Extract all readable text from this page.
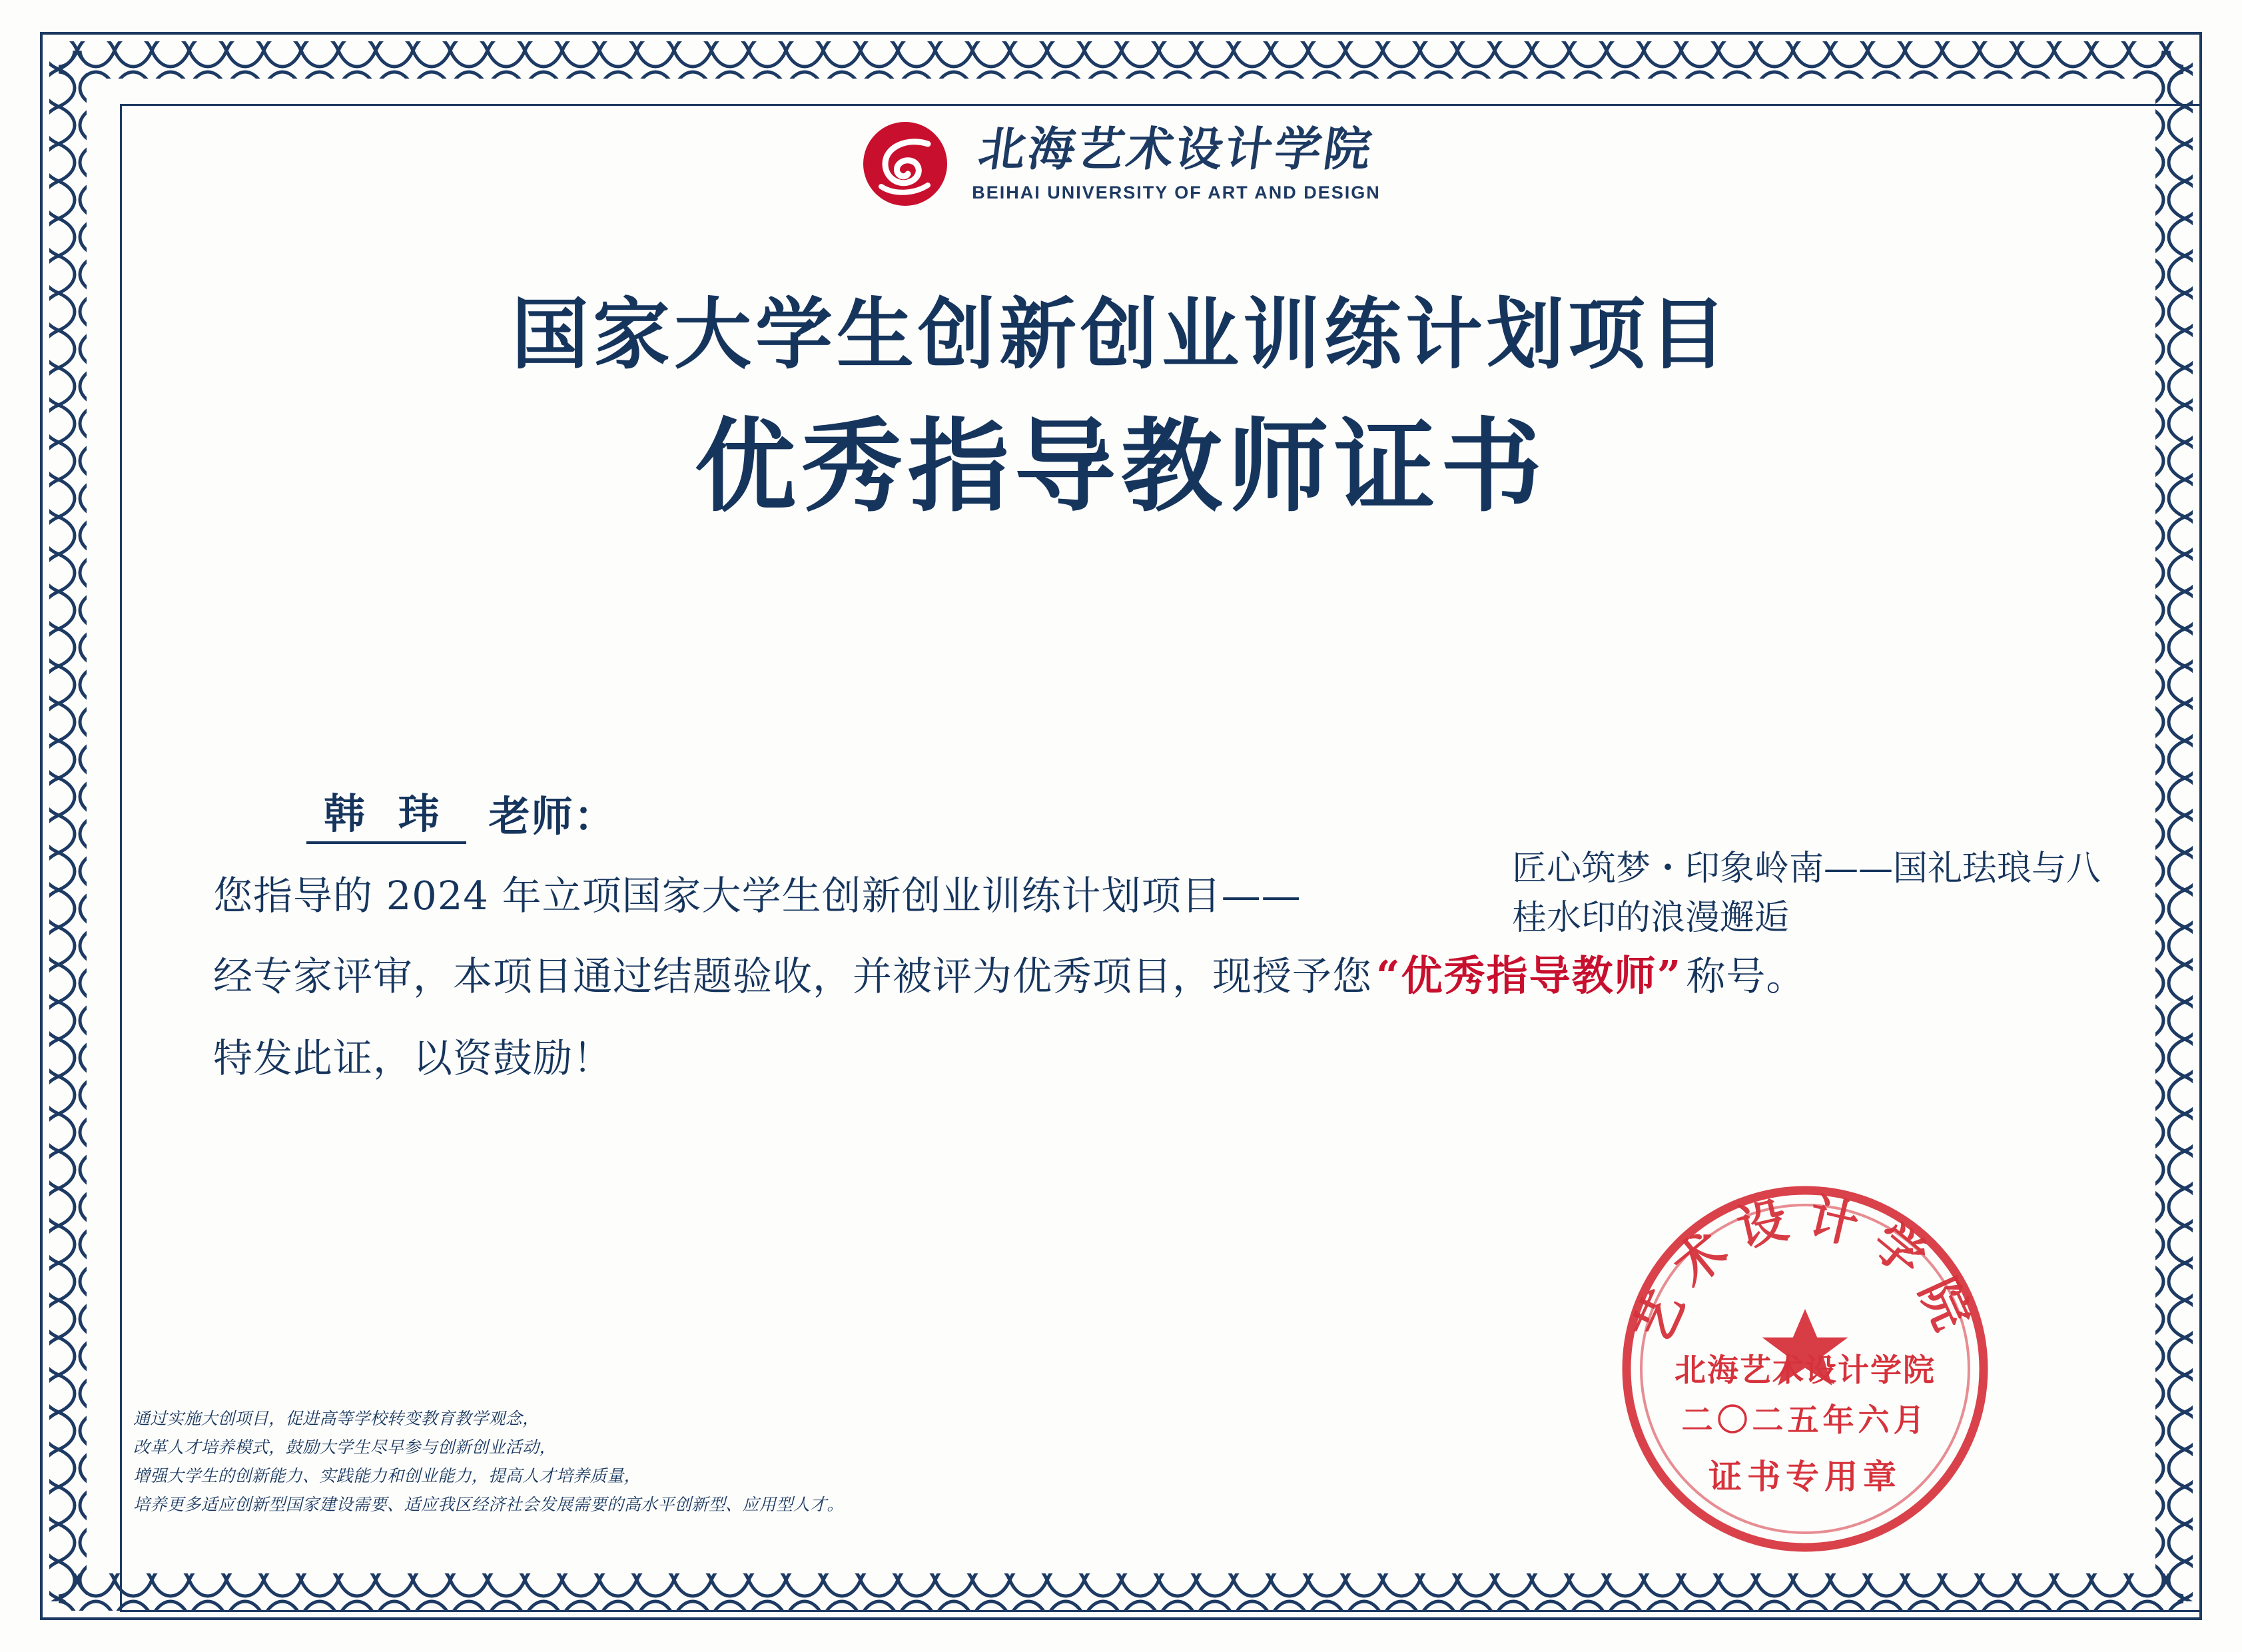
北海艺术设计学院
BEIHAI UNIVERSITY OF ART AND DESIGN
国家大学生创新创业训练计划项目
优秀指导教师证书
韩 玮 老师：
您指导的 2024 年立项国家大学生创新创业训练计划项目——
经专家评审，本项目通过结题验收，并被评为优秀项目，现授予您 “优秀指导教师” 称号。
特发此证，以资鼓励！
匠心筑梦・印象岭南——国礼珐琅与八桂水印的浪漫邂逅
通过实施大创项目，促进高等学校转变教育教学观念，
改革人才培养模式，鼓励大学生尽早参与创新创业活动，
增强大学生的创新能力、实践能力和创业能力，提高人才培养质量，
培养更多适应创新型国家建设需要、适应我区经济社会发展需要的高水平创新型、应用型人才。
艺术设计学院
北海艺术设计学院
二〇二五年六月
证书专用章
